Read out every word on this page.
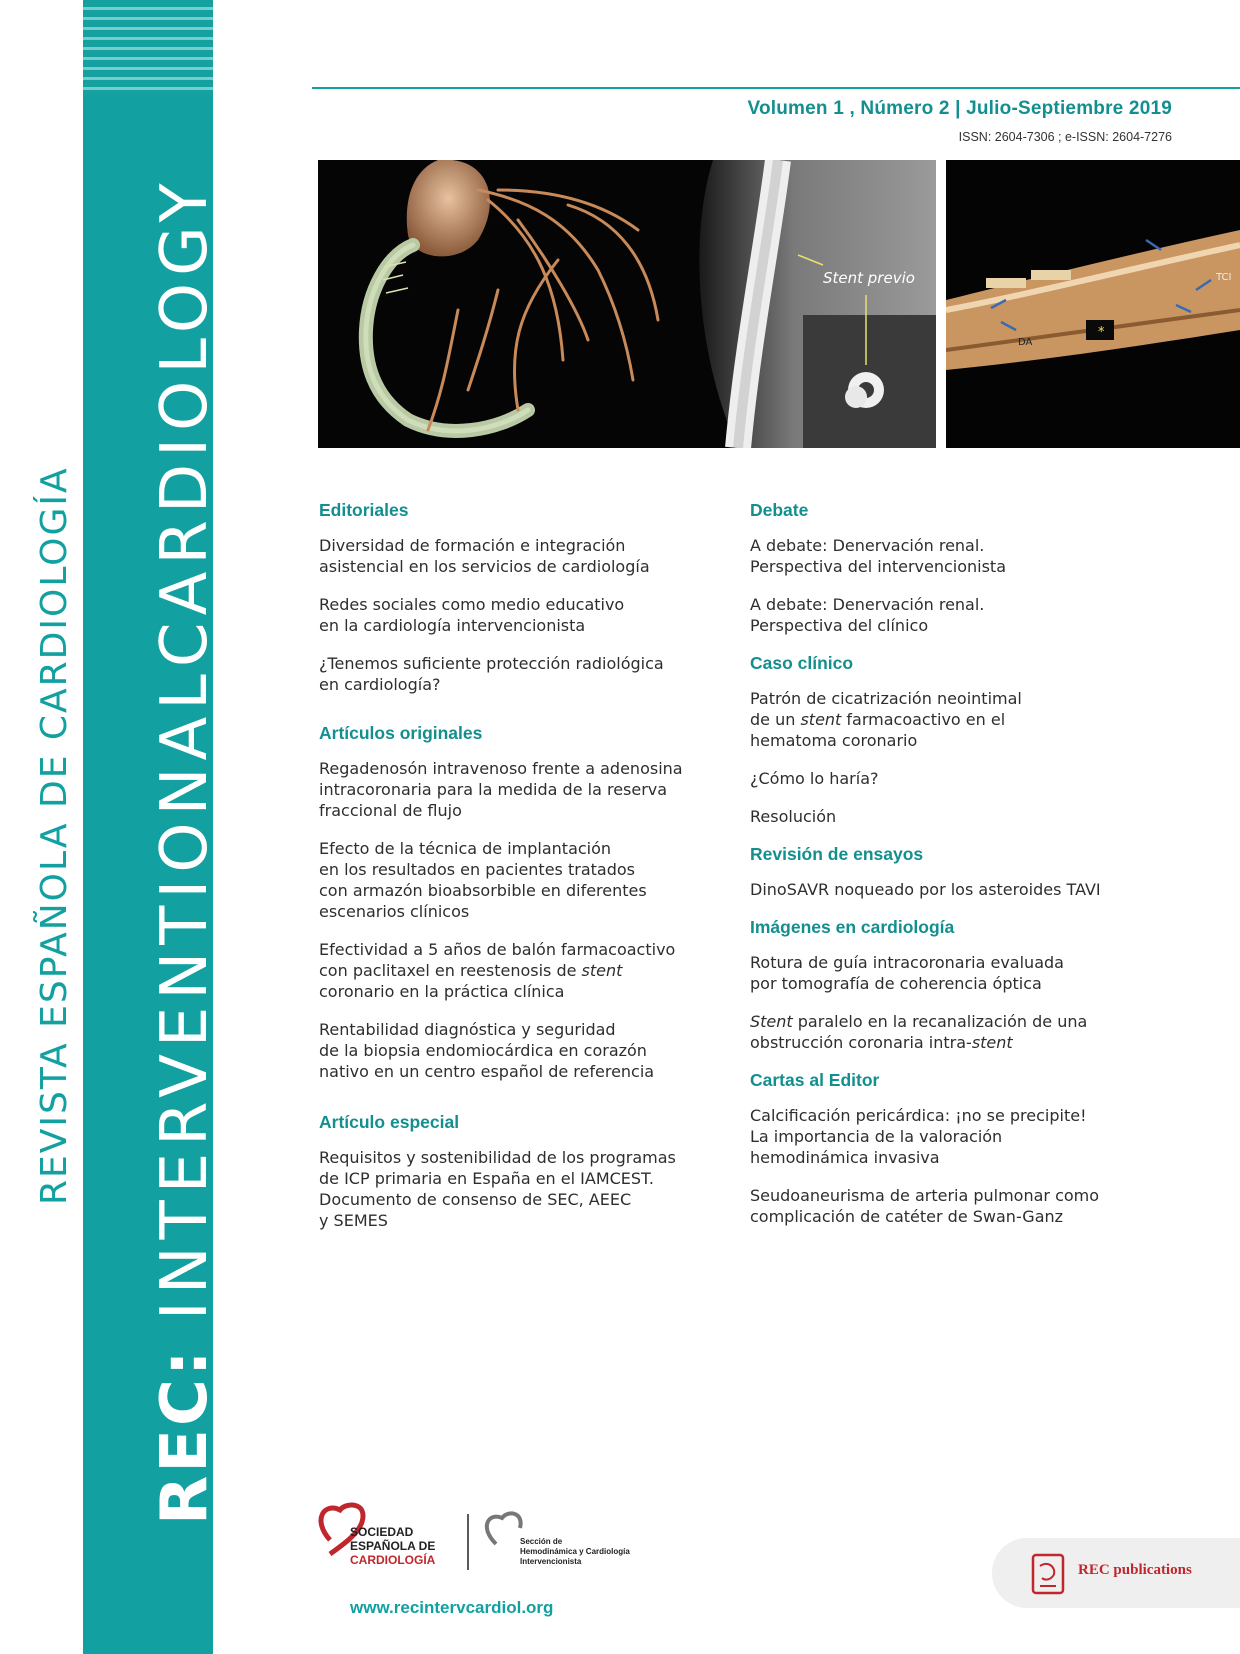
REC: INTERVENTIONALCARDIOLOGY
REVISTA ESPAÑOLA DE CARDIOLOGÍA
Volumen 1 , Número 2 | Julio-Septiembre 2019
ISSN: 2604-7306 ; e-ISSN: 2604-7276
Stent previo
*
DA
TCI
Editoriales
Diversidad de formación e integración
asistencial en los servicios de cardiología
Redes sociales como medio educativo
en la cardiología intervencionista
¿Tenemos suficiente protección radiológica
en cardiología?
Artículos originales
Regadenosón intravenoso frente a adenosina
intracoronaria para la medida de la reserva
fraccional de flujo
Efecto de la técnica de implantación
en los resultados en pacientes tratados
con armazón bioabsorbible en diferentes
escenarios clínicos
Efectividad a 5 años de balón farmacoactivo
con paclitaxel en reestenosis de stent
coronario en la práctica clínica
Rentabilidad diagnóstica y seguridad
de la biopsia endomiocárdica en corazón
nativo en un centro español de referencia
Artículo especial
Requisitos y sostenibilidad de los programas
de ICP primaria en España en el IAMCEST.
Documento de consenso de SEC, AEEC
y SEMES
Debate
A debate: Denervación renal.
Perspectiva del intervencionista
A debate: Denervación renal.
Perspectiva del clínico
Caso clínico
Patrón de cicatrización neointimal
de un stent farmacoactivo en el
hematoma coronario
¿Cómo lo haría?
Resolución
Revisión de ensayos
DinoSAVR noqueado por los asteroides TAVI
Imágenes en cardiología
Rotura de guía intracoronaria evaluada
por tomografía de coherencia óptica
Stent paralelo en la recanalización de una
obstrucción coronaria intra-stent
Cartas al Editor
Calcificación pericárdica: ¡no se precipite!
La importancia de la valoración
hemodinámica invasiva
Seudoaneurisma de arteria pulmonar como
complicación de catéter de Swan-Ganz
SOCIEDAD
ESPAÑOLA DE
CARDIOLOGÍA
Sección de
Hemodinámica y Cardiología
Intervencionista
www.recintervcardiol.org
REC publications
